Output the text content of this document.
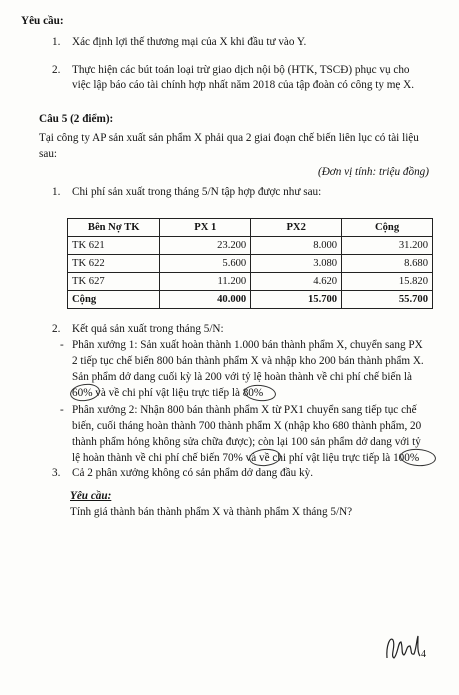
Yêu cầu:
1. Xác định lợi thế thương mại của X khi đầu tư vào Y.
2. Thực hiện các bút toán loại trừ giao dịch nội bộ (HTK, TSCĐ) phục vụ cho
việc lập báo cáo tài chính hợp nhất năm 2018 của tập đoàn có công ty mẹ X.
Câu 5 (2 điểm):
Tại công ty AP sản xuất sản phẩm X phải qua 2 giai đoạn chế biến liên lục có tài liệu
sau:
(Đơn vị tính: triệu đồng)
1. Chi phí sản xuất trong tháng 5/N tập hợp được như sau:
Bên Nợ TK	PX 1	PX2	Cộng
TK 621	23.200	8.000	31.200
TK 622	5.600	3.080	8.680
TK 627	11.200	4.620	15.820
Cộng	40.000	15.700	55.700
2. Kết quả sản xuất trong tháng 5/N:
- Phân xưởng 1: Sản xuất hoàn thành 1.000 bán thành phẩm X, chuyển sang PX
2 tiếp tục chế biến 800 bán thành phẩm X và nhập kho 200 bán thành phẩm X.
Sản phẩm dở dang cuối kỳ là 200 với tỷ lệ hoàn thành về chi phí chế biến là
60% và về chi phí vật liệu trực tiếp là 80%
- Phân xưởng 2: Nhận 800 bán thành phẩm X từ PX1 chuyển sang tiếp tục chế
biến, cuối tháng hoàn thành 700 thành phẩm X (nhập kho 680 thành phẩm, 20
thành phẩm hỏng không sửa chữa được); còn lại 100 sản phẩm dở dang với tỷ
lệ hoàn thành về chi phí chế biến 70% và về chi phí vật liệu trực tiếp là 100%
3. Cả 2 phân xưởng không có sản phẩm dở dang đầu kỳ.
Yêu cầu:
Tính giá thành bán thành phẩm X và thành phẩm X tháng 5/N?
4
